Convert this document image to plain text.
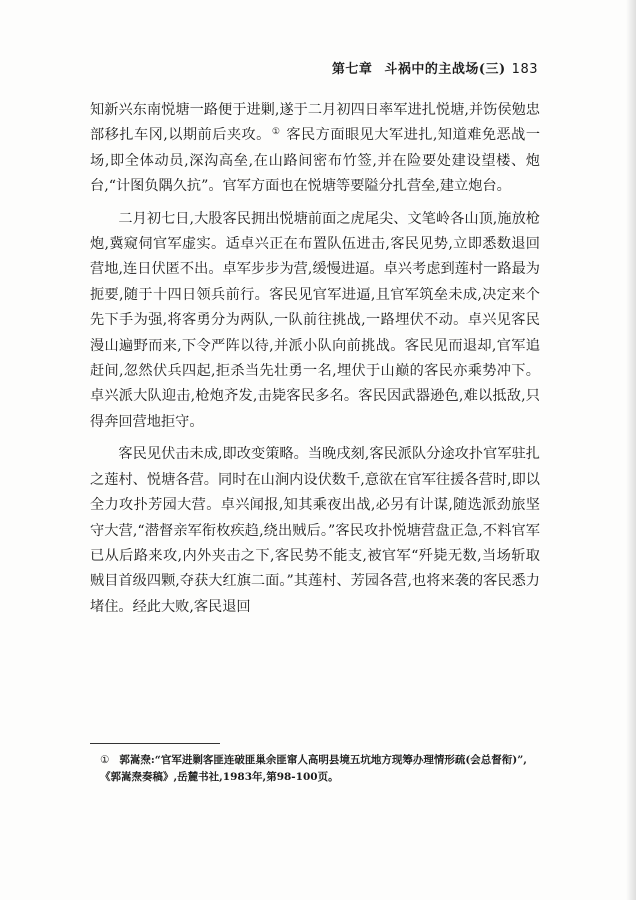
第七章 斗祸中的主战场(三) 183

知新兴东南悦塘一路便于进剿,遂于二月初四日率军进扎悦塘,并饬侯勉忠部移扎车冈,以期前后夹攻。① 客民方面眼见大军进扎,知道难免恶战一场,即全体动员,深沟高垒,在山路间密布竹签,并在险要处建设望楼、炮台,“计图负隅久抗”。官军方面也在悦塘等要隘分扎营垒,建立炮台。

二月初七日,大股客民拥出悦塘前面之虎尾尖、文笔岭各山顶,施放枪炮,冀窥伺官军虚实。适卓兴正在布置队伍进击,客民见势,立即悉数退回营地,连日伏匿不出。卓军步步为营,缓慢进逼。卓兴考虑到莲村一路最为扼要,随于十四日领兵前行。客民见官军进逼,且官军筑垒未成,决定来个先下手为强,将客勇分为两队,一队前往挑战,一路埋伏不动。卓兴见客民漫山遍野而来,下令严阵以待,并派小队向前挑战。客民见而退却,官军追赶间,忽然伏兵四起,拒杀当先壮勇一名,埋伏于山巅的客民亦乘势冲下。卓兴派大队迎击,枪炮齐发,击毙客民多名。客民因武器逊色,难以抵敌,只得奔回营地拒守。

客民见伏击未成,即改变策略。当晚戌刻,客民派队分途攻扑官军驻扎之莲村、悦塘各营。同时在山涧内设伏数千,意欲在官军往援各营时,即以全力攻扑芳园大营。卓兴闻报,知其乘夜出战,必另有计谋,随选派劲旅坚守大营,“潜督亲军衔枚疾趋,绕出贼后。”客民攻扑悦塘营盘正急,不料官军已从后路来攻,内外夹击之下,客民势不能支,被官军“歼毙无数,当场斩取贼目首级四颗,夺获大红旗二面。”其莲村、芳园各营,也将来袭的客民悉力堵住。经此大败,客民退回

① 郭嵩焘:“官军进剿客匪连破匪巢余匪窜人高明县境五坑地方现筹办理情形疏(会总督衔)”,《郭嵩焘奏稿》,岳麓书社,1983年,第98-100页。
